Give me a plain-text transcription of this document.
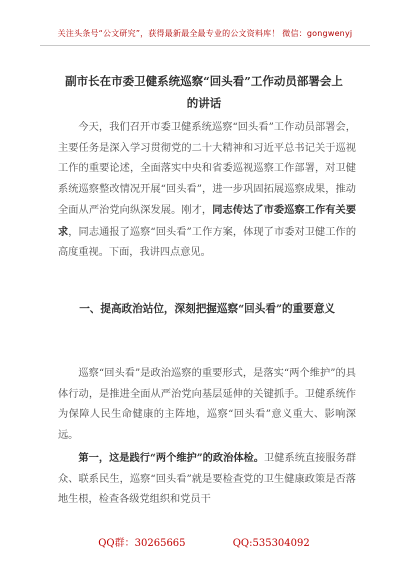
关注头条号“公文研究”，获得最新最全最专业的公文资料库！ 微信：gongwenyj
副市长在市委卫健系统巡察“回头看”工作动员部署会上
的讲话
今天，我们召开市委卫健系统巡察“回头看”工作动员部署会，主要任务是深入学习贯彻党的二十大精神和习近平总书记关于巡视工作的重要论述，全面落实中央和省委巡视巡察工作部署，对卫健系统巡察整改情况开展“回头看”，进一步巩固拓展巡察成果，推动全面从严治党向纵深发展。刚才，同志传达了市委巡察工作有关要求，同志通报了巡察“回头看”工作方案，体现了市委对卫健工作的高度重视。下面，我讲四点意见。
一、提高政治站位，深刻把握巡察“回头看”的重要意义
巡察“回头看”是政治巡察的重要形式，是落实“两个维护”的具体行动，是推进全面从严治党向基层延伸的关键抓手。卫健系统作为保障人民生命健康的主阵地，巡察“回头看”意义重大、影响深远。
第一，这是践行“两个维护”的政治体检。卫健系统直接服务群众、联系民生，巡察“回头看”就是要检查党的卫生健康政策是否落地生根，检查各级党组织和党员干
QQ群：30265665	QQ:535304092
